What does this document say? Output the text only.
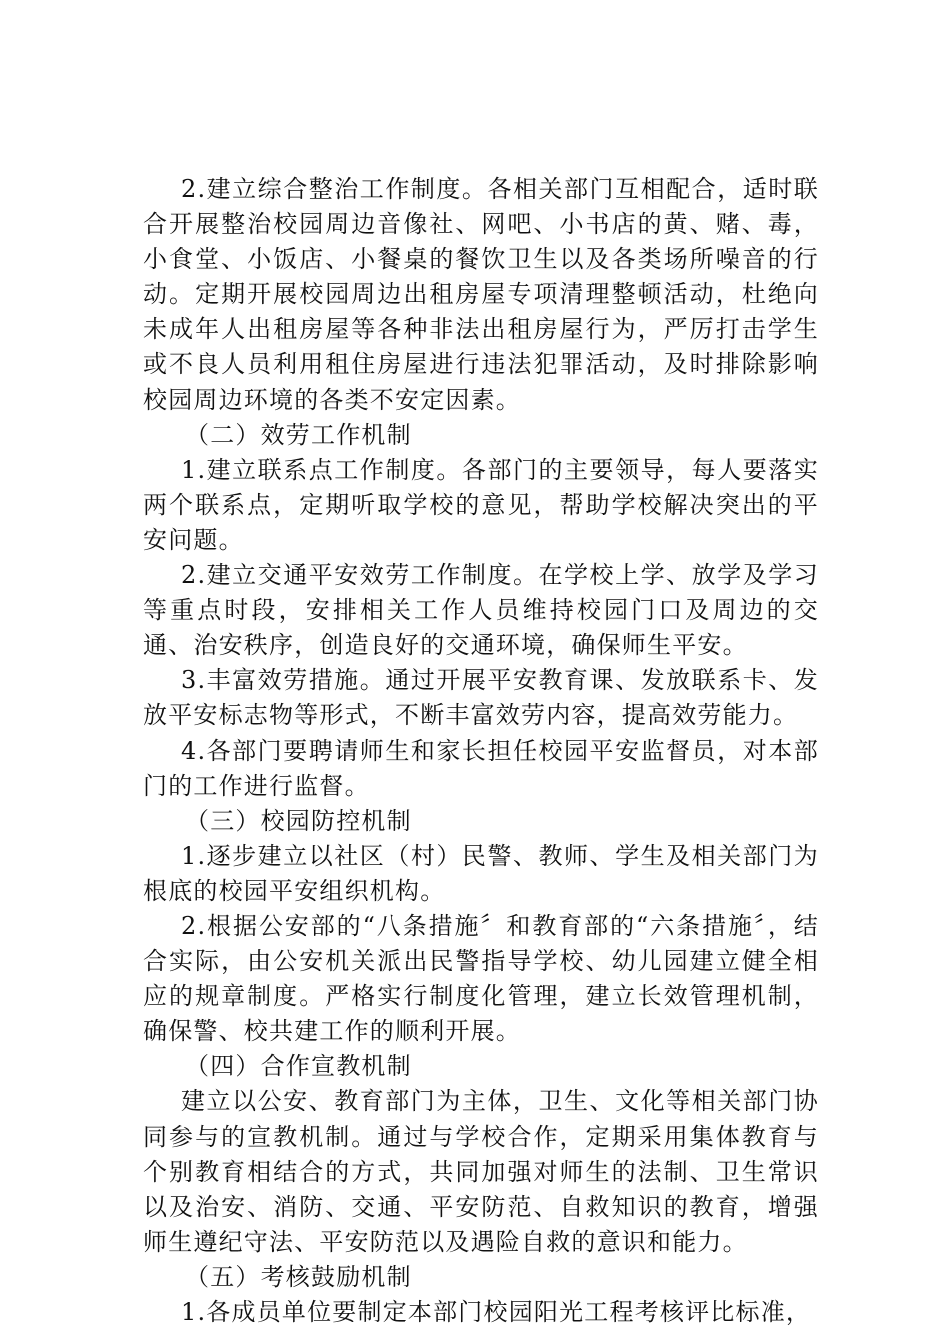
2.建立综合整治工作制度。各相关部门互相配合，适时联合开展整治校园周边音像社、网吧、小书店的黄、赌、毒，小食堂、小饭店、小餐桌的餐饮卫生以及各类场所噪音的行动。定期开展校园周边出租房屋专项清理整顿活动，杜绝向未成年人出租房屋等各种非法出租房屋行为，严厉打击学生或不良人员利用租住房屋进行违法犯罪活动，及时排除影响校园周边环境的各类不安定因素。

（二）效劳工作机制

1.建立联系点工作制度。各部门的主要领导，每人要落实两个联系点，定期听取学校的意见，帮助学校解决突出的平安问题。

2.建立交通平安效劳工作制度。在学校上学、放学及学习等重点时段，安排相关工作人员维持校园门口及周边的交通、治安秩序，创造良好的交通环境，确保师生平安。

3.丰富效劳措施。通过开展平安教育课、发放联系卡、发放平安标志物等形式，不断丰富效劳内容，提高效劳能力。

4.各部门要聘请师生和家长担任校园平安监督员，对本部门的工作进行监督。

（三）校园防控机制

1.逐步建立以社区（村）民警、教师、学生及相关部门为根底的校园平安组织机构。

2.根据公安部的“八条措施〞和教育部的“六条措施〞，结合实际，由公安机关派出民警指导学校、幼儿园建立健全相应的规章制度。严格实行制度化管理，建立长效管理机制，确保警、校共建工作的顺利开展。

（四）合作宣教机制

建立以公安、教育部门为主体，卫生、文化等相关部门协同参与的宣教机制。通过与学校合作，定期采用集体教育与个别教育相结合的方式，共同加强对师生的法制、卫生常识以及治安、消防、交通、平安防范、自救知识的教育，增强师生遵纪守法、平安防范以及遇险自救的意识和能力。

（五）考核鼓励机制

1.各成员单位要制定本部门校园阳光工程考核评比标准，
